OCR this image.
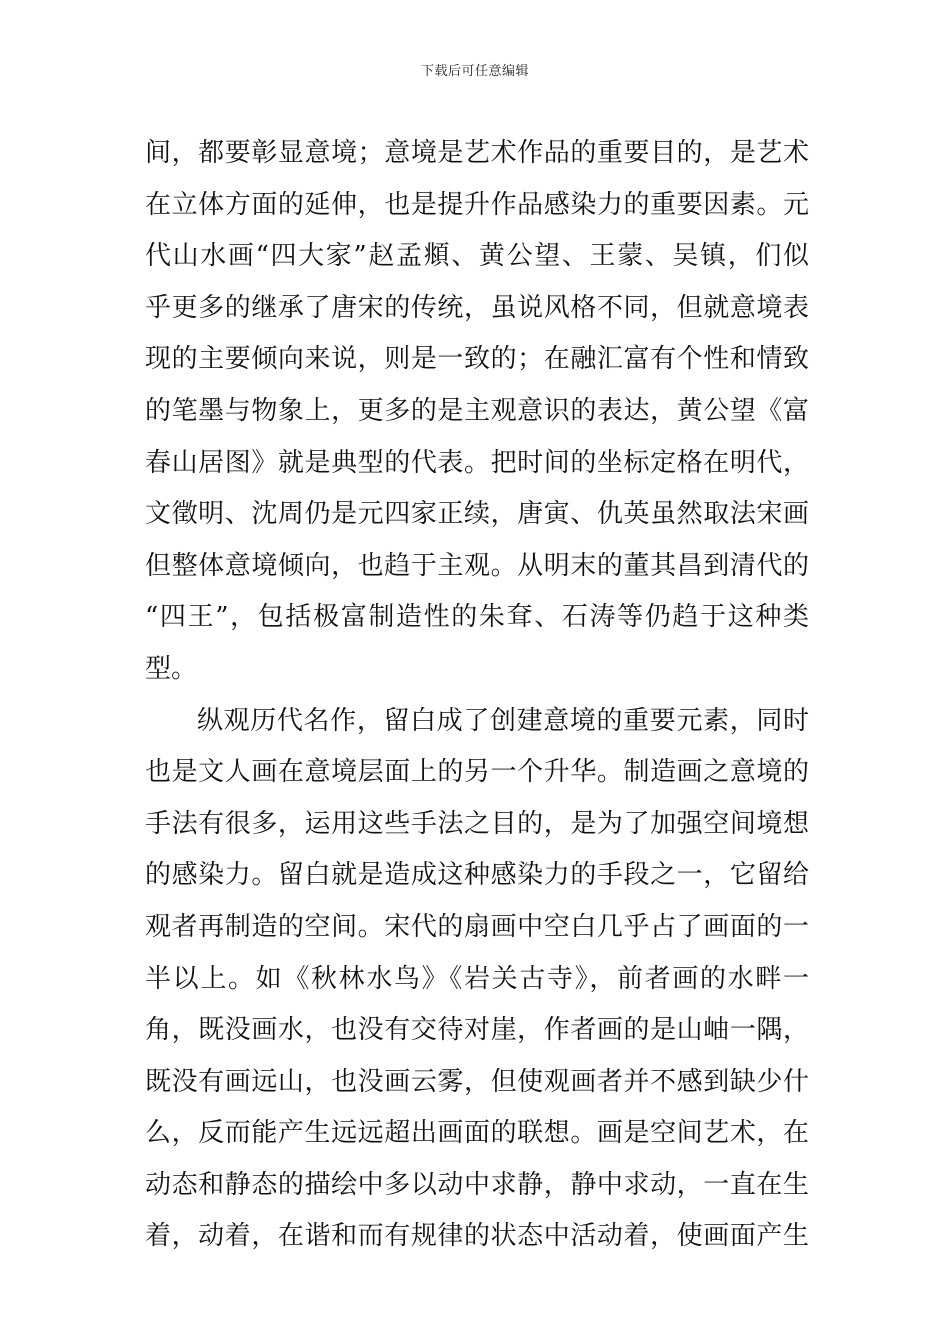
下载后可任意编辑
间，都要彰显意境；意境是艺术作品的重要目的，是艺术
在立体方面的延伸，也是提升作品感染力的重要因素。元
代山水画“四大家”赵孟頫、黄公望、王蒙、吴镇，们似
乎更多的继承了唐宋的传统，虽说风格不同，但就意境表
现的主要倾向来说，则是一致的；在融汇富有个性和情致
的笔墨与物象上，更多的是主观意识的表达，黄公望《富
春山居图》就是典型的代表。把时间的坐标定格在明代，
文徵明、沈周仍是元四家正续，唐寅、仇英虽然取法宋画
但整体意境倾向，也趋于主观。从明末的董其昌到清代的
“四王”，包括极富制造性的朱耷、石涛等仍趋于这种类
型。
纵观历代名作，留白成了创建意境的重要元素，同时
也是文人画在意境层面上的另一个升华。制造画之意境的
手法有很多，运用这些手法之目的，是为了加强空间境想
的感染力。留白就是造成这种感染力的手段之一，它留给
观者再制造的空间。宋代的扇画中空白几乎占了画面的一
半以上。如《秋林水鸟》《岩关古寺》，前者画的水畔一
角，既没画水，也没有交待对崖，作者画的是山岫一隅，
既没有画远山，也没画云雾，但使观画者并不感到缺少什
么，反而能产生远远超出画面的联想。画是空间艺术，在
动态和静态的描绘中多以动中求静，静中求动，一直在生
着，动着，在谐和而有规律的状态中活动着，使画面产生
